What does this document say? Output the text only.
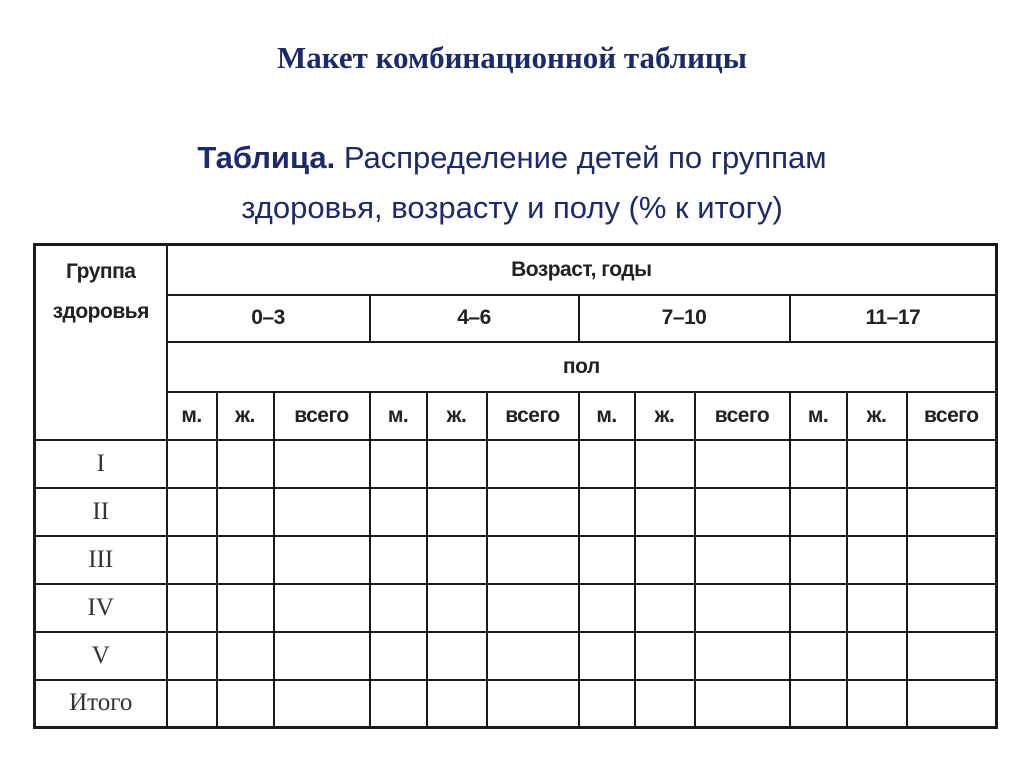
Макет комбинационной таблицы
Таблица. Распределение детей по группам
здоровья, возрасту и полу (% к итогу)
Группа здоровья	Возраст, годы											
	0–3			4–6			7–10			11–17		
	пол											
	м.	ж.	всего	м.	ж.	всего	м.	ж.	всего	м.	ж.	всего
I												
II												
III												
IV												
V												
Итого												
